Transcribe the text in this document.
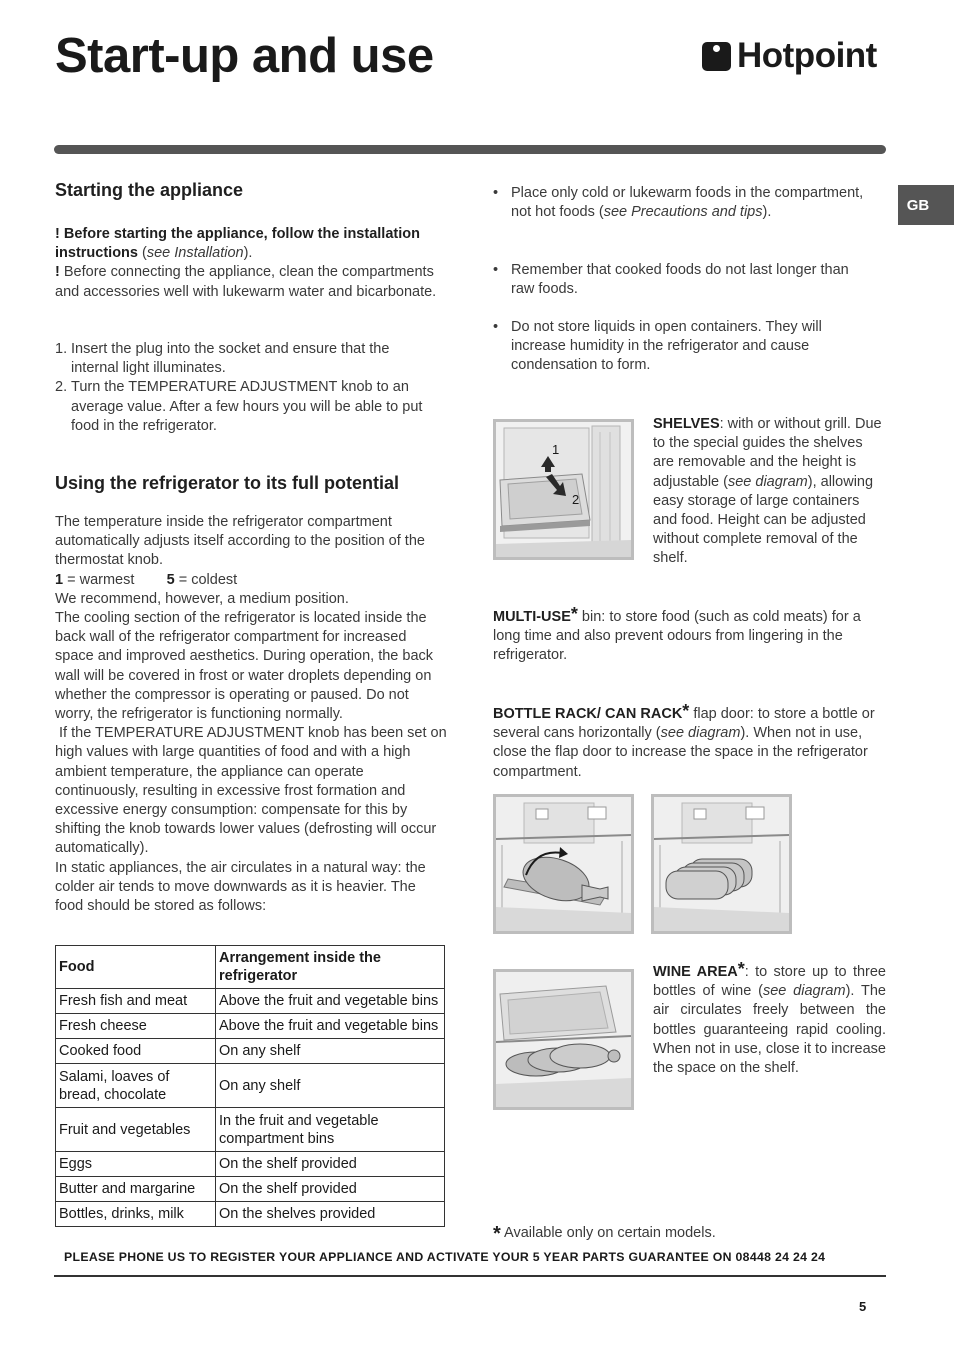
Start-up and use	Hotpoint
GB
Starting the appliance
! Before starting the appliance, follow the installation instructions (see Installation).
! Before connecting the appliance, clean the compartments and accessories well with lukewarm water and bicarbonate.
1. Insert the plug into the socket and ensure that the internal light illuminates.
2. Turn the TEMPERATURE ADJUSTMENT knob to an average value. After a few hours you will be able to put food in the refrigerator.
Using the refrigerator to its full potential
The temperature inside the refrigerator compartment automatically adjusts itself according to the position of the thermostat knob.
1 = warmest 5 = coldest
We recommend, however, a medium position.
The cooling section of the refrigerator is located inside the back wall of the refrigerator compartment for increased space and improved aesthetics. During operation, the back wall will be covered in frost or water droplets depending on whether the compressor is operating or paused. Do not worry, the refrigerator is functioning normally.
If the TEMPERATURE ADJUSTMENT knob has been set on high values with large quantities of food and with a high ambient temperature, the appliance can operate continuously, resulting in excessive frost formation and excessive energy consumption: compensate for this by shifting the knob towards lower values (defrosting will occur automatically).
In static appliances, the air circulates in a natural way: the colder air tends to move downwards as it is heavier. The food should be stored as follows:
Food	Arrangement inside the refrigerator
Fresh fish and meat	Above the fruit and vegetable bins
Fresh cheese	Above the fruit and vegetable bins
Cooked food	On any shelf
Salami, loaves of bread, chocolate	On any shelf
Fruit and vegetables	In the fruit and vegetable compartment bins
Eggs	On the shelf provided
Butter and margarine	On the shelf provided
Bottles, drinks, milk	On the shelves provided
• Place only cold or lukewarm foods in the compartment, not hot foods (see Precautions and tips).
• Remember that cooked foods do not last longer than raw foods.
• Do not store liquids in open containers. They will increase humidity in the refrigerator and cause condensation to form.
1
2
SHELVES: with or without grill. Due to the special guides the shelves are removable and the height is adjustable (see diagram), allowing easy storage of large containers and food. Height can be adjusted without complete removal of the shelf.
MULTI-USE* bin: to store food (such as cold meats) for a long time and also prevent odours from lingering in the refrigerator.
BOTTLE RACK/ CAN RACK* flap door: to store a bottle or several cans horizontally (see diagram). When not in use, close the flap door to increase the space in the refrigerator compartment.
WINE AREA*: to store up to three bottles of wine (see diagram). The air circulates freely between the bottles guaranteeing rapid cooling. When not in use, close it to increase the space on the shelf.
* Available only on certain models.
PLEASE PHONE US TO REGISTER YOUR APPLIANCE AND ACTIVATE YOUR 5 YEAR PARTS GUARANTEE ON 08448 24 24 24
5
